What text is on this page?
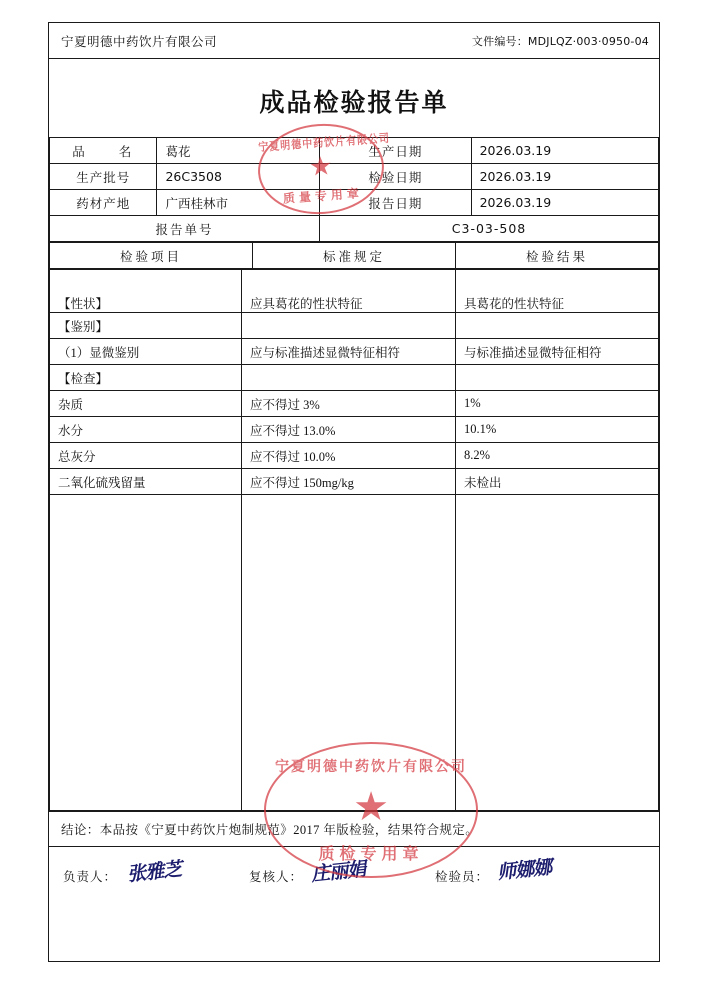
宁夏明德中药饮片有限公司	文件编号：MDJLQZ·003·0950-04
成品检验报告单
品　　名	葛花	生产日期	2026.03.19
生产批号	26C3508	检验日期	2026.03.19
药材产地	广西桂林市	报告日期	2026.03.19
报告单号		C3-03-508	
检验项目	标准规定	检验结果
【性状】	应具葛花的性状特征	具葛花的性状特征
【鉴别】		
（1）显微鉴别	应与标准描述显微特征相符	与标准描述显微特征相符
【检查】		
杂质	应不得过 3%	1%
水分	应不得过 13.0%	10.1%
总灰分	应不得过 10.0%	8.2%
二氧化硫残留量	应不得过 150mg/kg	未检出

结论：本品按《宁夏中药饮片炮制规范》2017 年版检验，结果符合规定。
负责人： 张雅芝	复核人： 庄丽娟	检验员： 师娜娜
宁夏明德中药饮片有限公司
★
质量专用章
宁夏明德中药饮片有限公司
★
质检专用章
